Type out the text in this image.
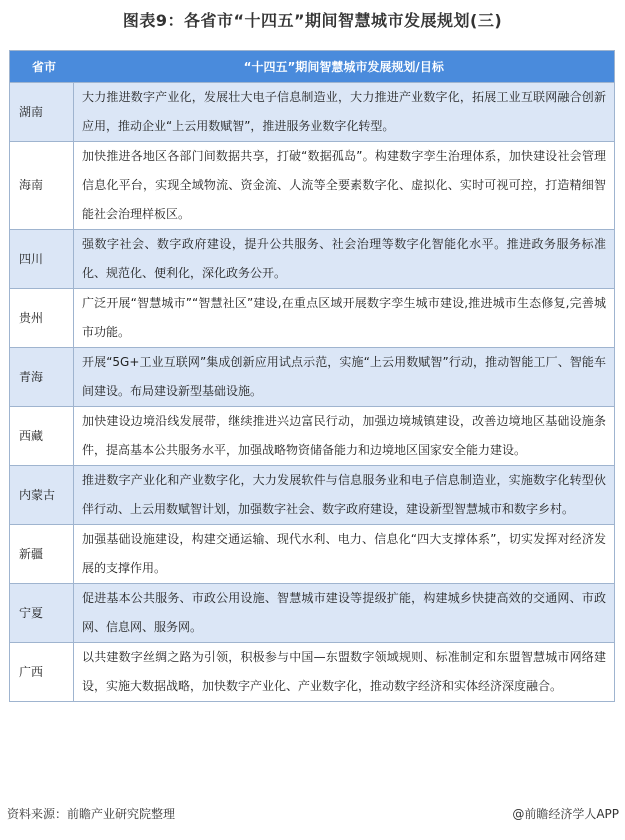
图表9：各省市“十四五”期间智慧城市发展规划(三)
省市	“十四五”期间智慧城市发展规划/目标
湖南	大力推进数字产业化，发展壮大电子信息制造业，大力推进产业数字化，拓展工业互联网融合创新应用，推动企业“上云用数赋智”，推进服务业数字化转型。
海南	加快推进各地区各部门间数据共享，打破“数据孤岛”。构建数字孪生治理体系，加快建设社会管理信息化平台，实现全域物流、资金流、人流等全要素数字化、虚拟化、实时可视可控，打造精细智能社会治理样板区。
四川	强数字社会、数字政府建设，提升公共服务、社会治理等数字化智能化水平。推进政务服务标准化、规范化、便利化，深化政务公开。
贵州	广泛开展“智慧城市”“智慧社区”建设,在重点区域开展数字孪生城市建设,推进城市生态修复,完善城市功能。
青海	开展“5G+工业互联网”集成创新应用试点示范，实施“上云用数赋智”行动，推动智能工厂、智能车间建设。布局建设新型基础设施。
西藏	加快建设边境沿线发展带，继续推进兴边富民行动，加强边境城镇建设，改善边境地区基础设施条件，提高基本公共服务水平，加强战略物资储备能力和边境地区国家安全能力建设。
内蒙古	推进数字产业化和产业数字化，大力发展软件与信息服务业和电子信息制造业，实施数字化转型伙伴行动、上云用数赋智计划，加强数字社会、数字政府建设，建设新型智慧城市和数字乡村。
新疆	加强基础设施建设，构建交通运输、现代水利、电力、信息化“四大支撑体系”，切实发挥对经济发展的支撑作用。
宁夏	促进基本公共服务、市政公用设施、智慧城市建设等提级扩能，构建城乡快捷高效的交通网、市政网、信息网、服务网。
广西	以共建数字丝绸之路为引领，积极参与中国—东盟数字领域规则、标准制定和东盟智慧城市网络建设，实施大数据战略，加快数字产业化、产业数字化，推动数字经济和实体经济深度融合。
资料来源：前瞻产业研究院整理	@前瞻经济学人APP
